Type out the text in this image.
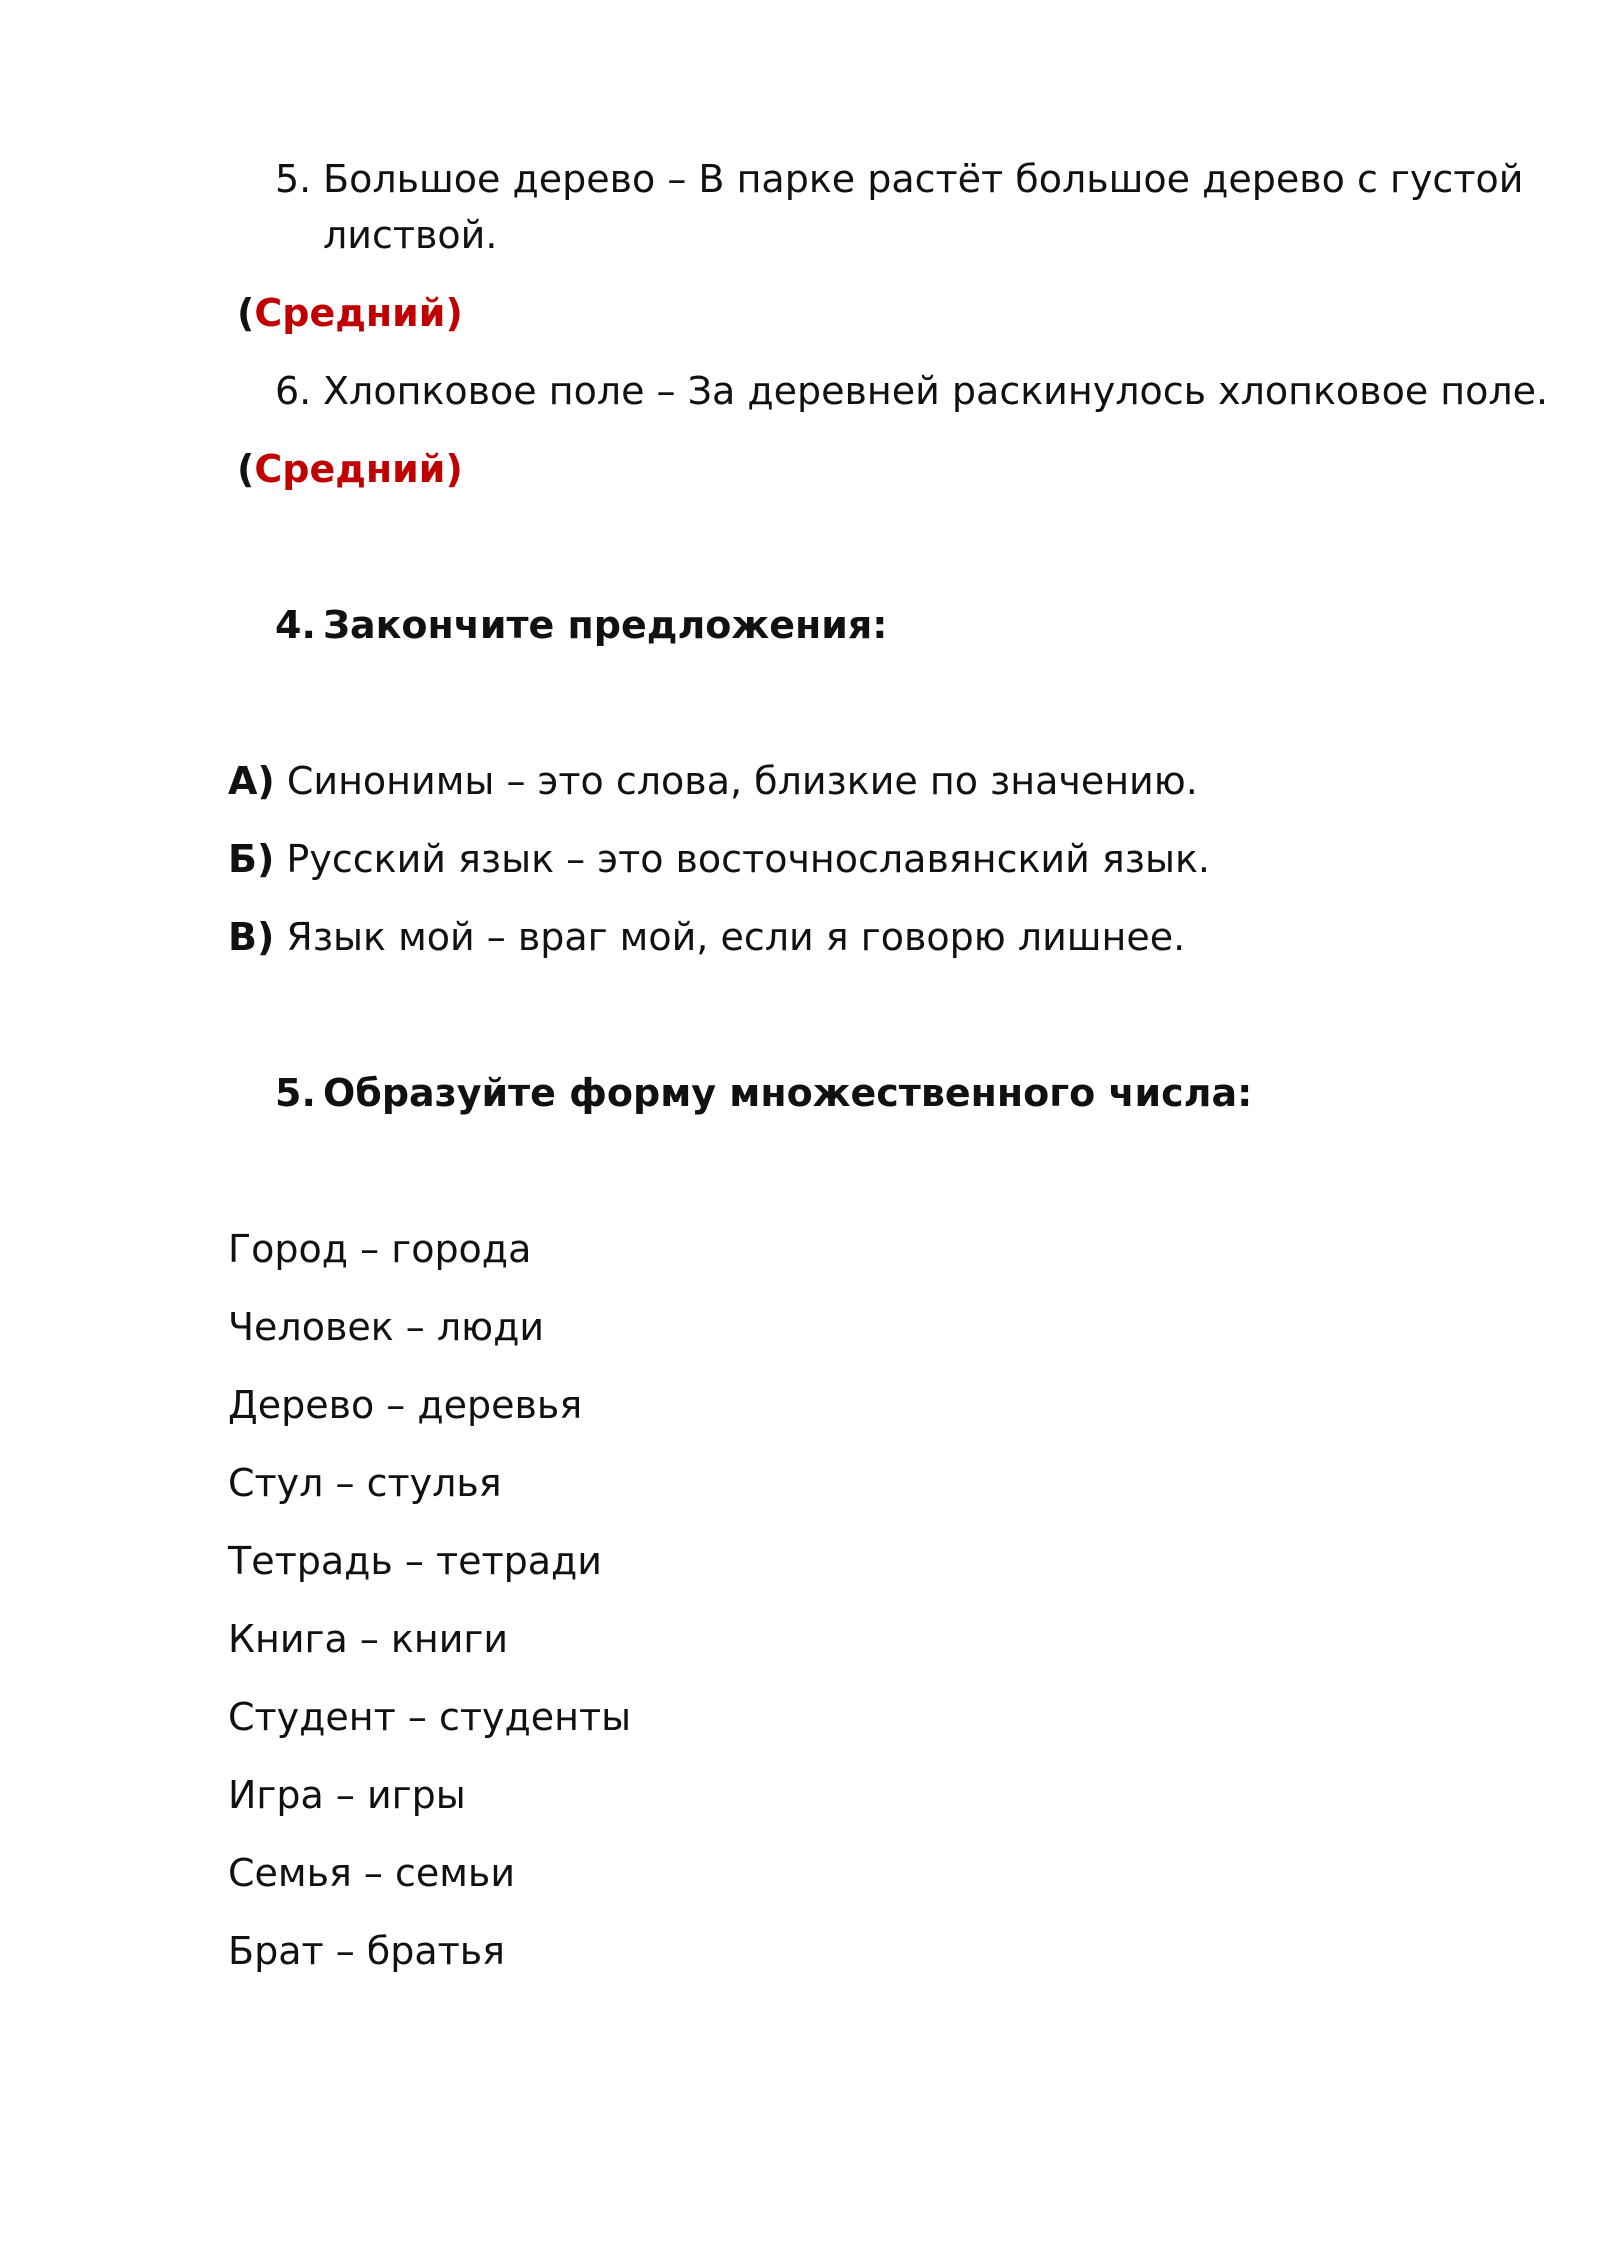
5. Большое дерево – В парке растёт большое дерево с густой
листвой.
(Средний)
6. Хлопковое поле – За деревней раскинулось хлопковое поле.
(Средний)
4. Закончите предложения:
А) Синонимы – это слова, близкие по значению.
Б) Русский язык – это восточнославянский язык.
В) Язык мой – враг мой, если я говорю лишнее.
5. Образуйте форму множественного числа:
Город – города
Человек – люди
Дерево – деревья
Стул – стулья
Тетрадь – тетради
Книга – книги
Студент – студенты
Игра – игры
Семья – семьи
Брат – братья
